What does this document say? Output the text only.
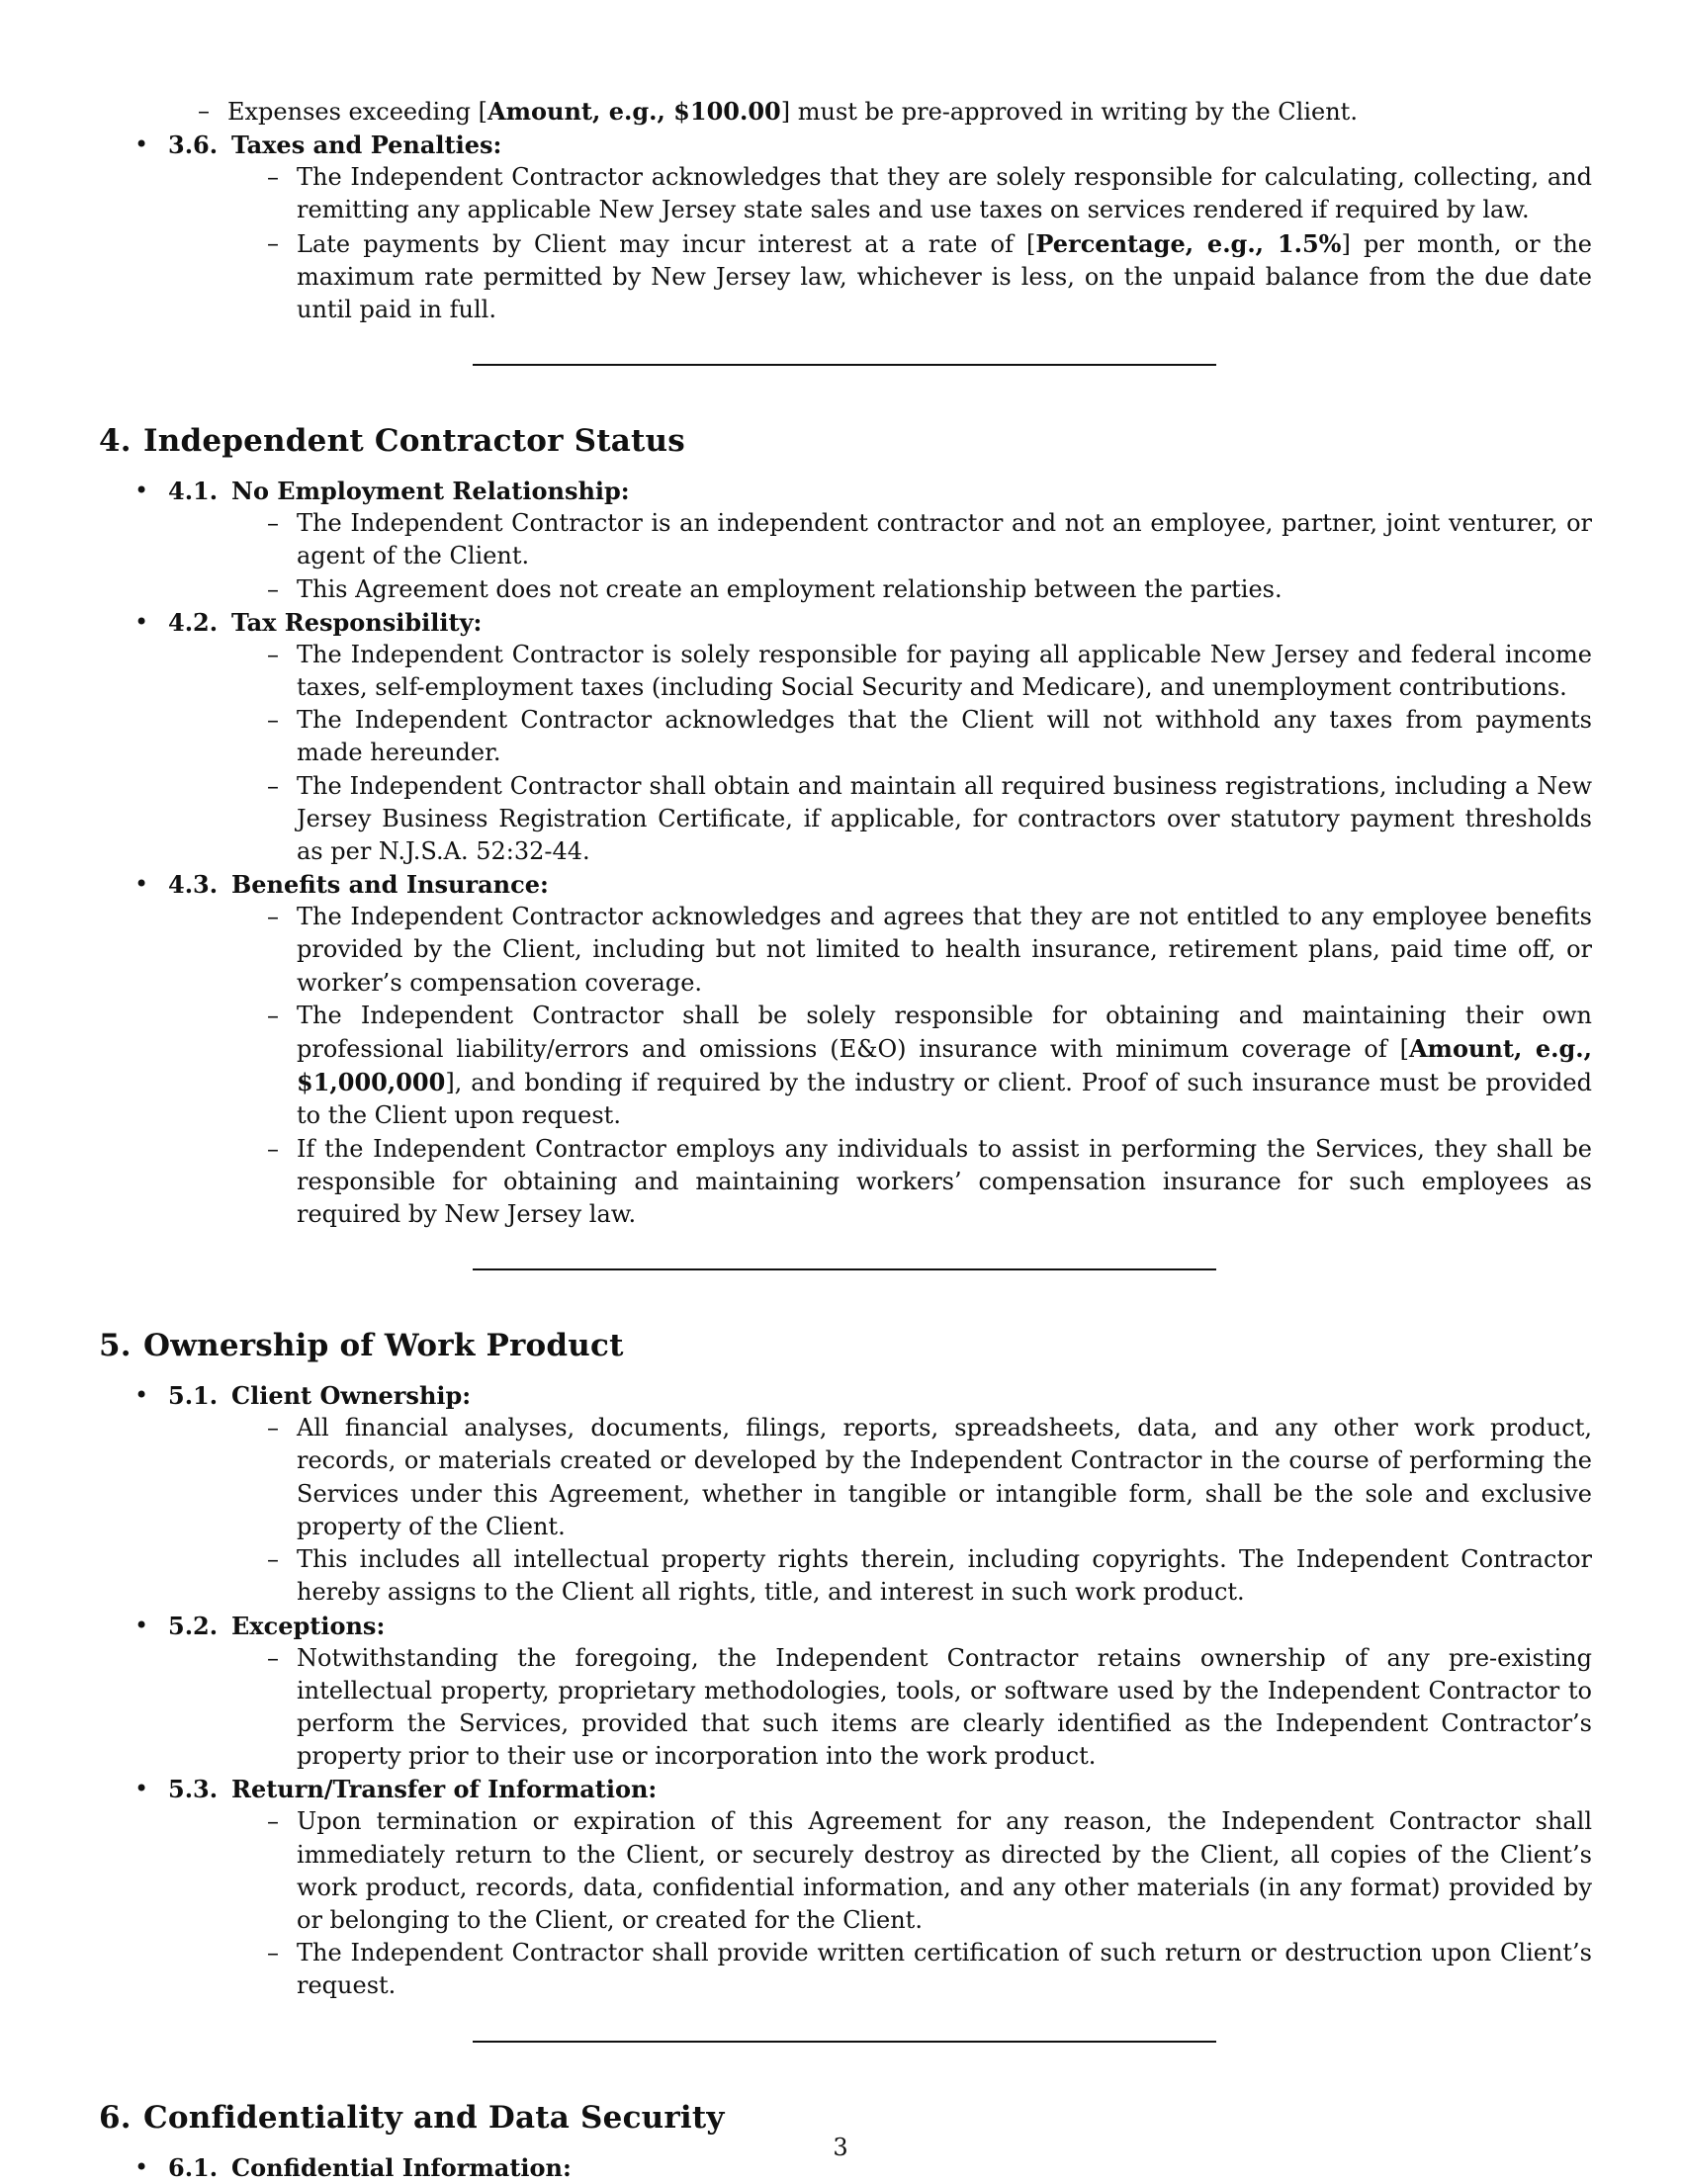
– Expenses exceeding [Amount, e.g., $100.00] must be pre-approved in writing by the Client.
• 3.6. Taxes and Penalties:

– The Independent Contractor acknowledges that they are solely responsible for calculating, collecting, and remitting any applicable New Jersey state sales and use taxes on services rendered if required by law.
– Late payments by Client may incur interest at a rate of [Percentage, e.g., 1.5%] per month, or the maximum rate permitted by New Jersey law, whichever is less, on the unpaid balance from the due date until paid in full.
4. Independent Contractor Status
• 4.1. No Employment Relationship:

– The Independent Contractor is an independent contractor and not an employee, partner, joint venturer, or agent of the Client.
– This Agreement does not create an employment relationship between the parties.
• 4.2. Tax Responsibility:

– The Independent Contractor is solely responsible for paying all applicable New Jersey and federal income taxes, self-employment taxes (including Social Security and Medicare), and unemployment contributions.
– The Independent Contractor acknowledges that the Client will not withhold any taxes from payments made hereunder.
– The Independent Contractor shall obtain and maintain all required business registrations, including a New Jersey Business Registration Certificate, if applicable, for contractors over statutory payment thresholds as per N.J.S.A. 52:32-44.
• 4.3. Benefits and Insurance:

– The Independent Contractor acknowledges and agrees that they are not entitled to any employee benefits provided by the Client, including but not limited to health insurance, retirement plans, paid time off, or worker’s compensation coverage.
– The Independent Contractor shall be solely responsible for obtaining and maintaining their own professional liability/errors and omissions (E&O) insurance with minimum coverage of [Amount, e.g., $1,000,000], and bonding if required by the industry or client. Proof of such insurance must be provided to the Client upon request.
– If the Independent Contractor employs any individuals to assist in performing the Services, they shall be responsible for obtaining and maintaining workers’ compensation insurance for such employees as required by New Jersey law.
5. Ownership of Work Product
• 5.1. Client Ownership:

– All financial analyses, documents, filings, reports, spreadsheets, data, and any other work product, records, or materials created or developed by the Independent Contractor in the course of performing the Services under this Agreement, whether in tangible or intangible form, shall be the sole and exclusive property of the Client.
– This includes all intellectual property rights therein, including copyrights. The Independent Contractor hereby assigns to the Client all rights, title, and interest in such work product.
• 5.2. Exceptions:

– Notwithstanding the foregoing, the Independent Contractor retains ownership of any pre-existing intellectual property, proprietary methodologies, tools, or software used by the Independent Contractor to perform the Services, provided that such items are clearly identified as the Independent Contractor’s property prior to their use or incorporation into the work product.
• 5.3. Return/Transfer of Information:

– Upon termination or expiration of this Agreement for any reason, the Independent Contractor shall immediately return to the Client, or securely destroy as directed by the Client, all copies of the Client’s work product, records, data, confidential information, and any other materials (in any format) provided by or belonging to the Client, or created for the Client.
– The Independent Contractor shall provide written certification of such return or destruction upon Client’s request.
6. Confidentiality and Data Security
• 6.1. Confidential Information:

3
